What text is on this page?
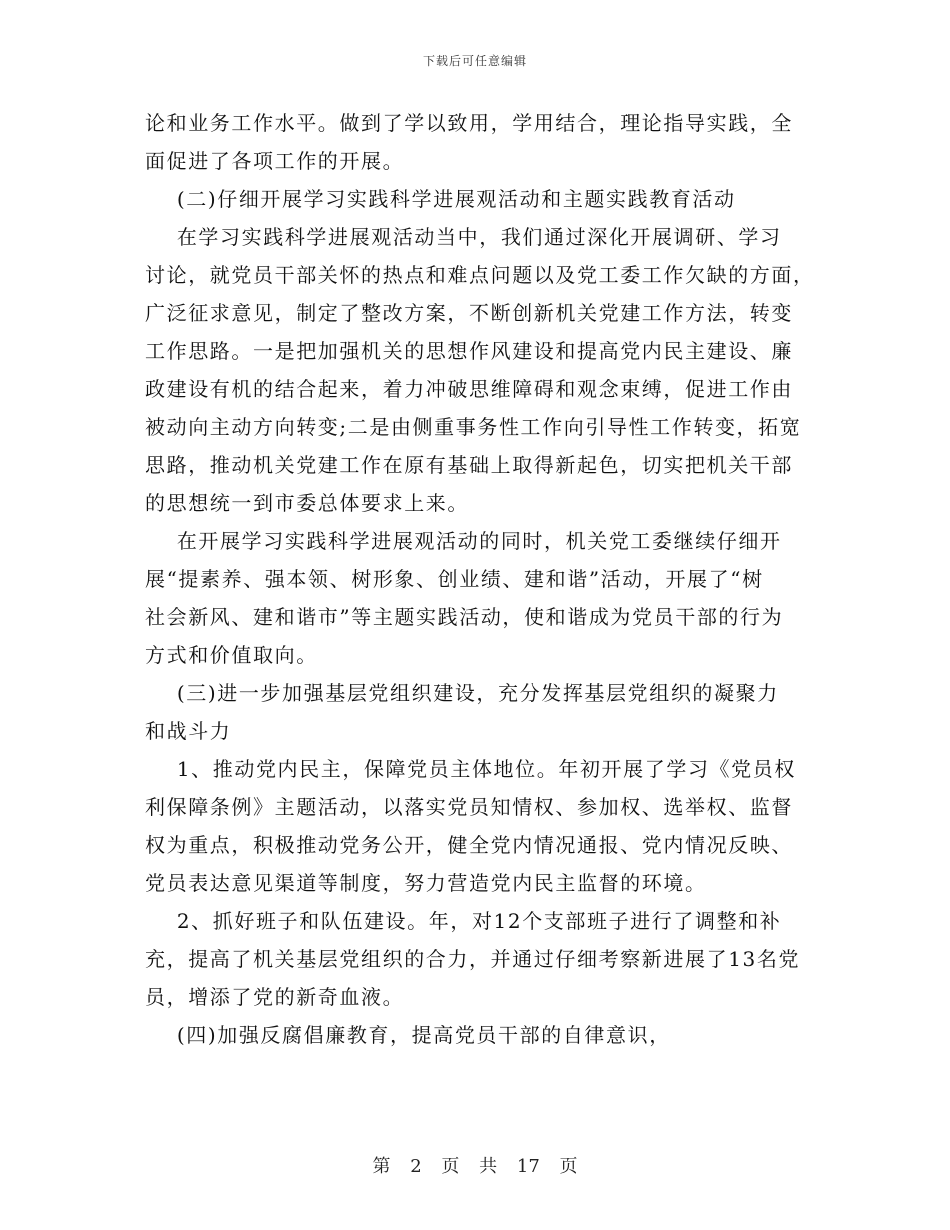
下载后可任意编辑
论和业务工作水平。做到了学以致用，学用结合，理论指导实践，全
面促进了各项工作的开展。
(二)仔细开展学习实践科学进展观活动和主题实践教育活动
在学习实践科学进展观活动当中，我们通过深化开展调研、学习
讨论，就党员干部关怀的热点和难点问题以及党工委工作欠缺的方面，
广泛征求意见，制定了整改方案，不断创新机关党建工作方法，转变
工作思路。一是把加强机关的思想作风建设和提高党内民主建设、廉
政建设有机的结合起来，着力冲破思维障碍和观念束缚，促进工作由
被动向主动方向转变;二是由侧重事务性工作向引导性工作转变，拓宽
思路，推动机关党建工作在原有基础上取得新起色，切实把机关干部
的思想统一到市委总体要求上来。
在开展学习实践科学进展观活动的同时，机关党工委继续仔细开
展“提素养、强本领、树形象、创业绩、建和谐”活动，开展了“树
社会新风、建和谐市”等主题实践活动，使和谐成为党员干部的行为
方式和价值取向。
(三)进一步加强基层党组织建设，充分发挥基层党组织的凝聚力
和战斗力
1、推动党内民主，保障党员主体地位。年初开展了学习《党员权
利保障条例》主题活动，以落实党员知情权、参加权、选举权、监督
权为重点，积极推动党务公开，健全党内情况通报、党内情况反映、
党员表达意见渠道等制度，努力营造党内民主监督的环境。
2、抓好班子和队伍建设。年，对12个支部班子进行了调整和补
充，提高了机关基层党组织的合力，并通过仔细考察新进展了13名党
员，增添了党的新奇血液。
(四)加强反腐倡廉教育，提高党员干部的自律意识，
第 2 页 共 17 页
